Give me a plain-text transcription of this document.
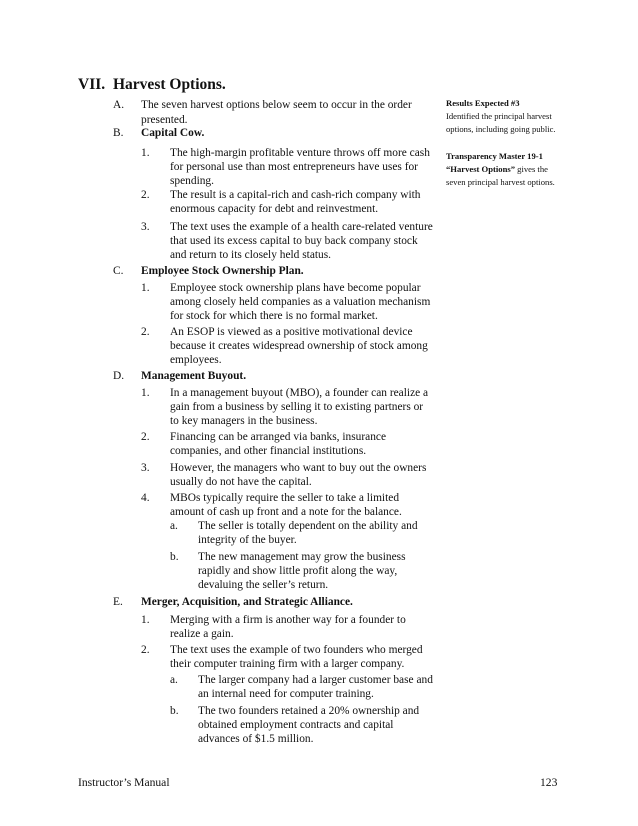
VII. Harvest Options.
A. The seven harvest options below seem to occur in the order
presented.
B. Capital Cow.
1. The high-margin profitable venture throws off more cash
for personal use than most entrepreneurs have uses for
spending.
2. The result is a capital-rich and cash-rich company with
enormous capacity for debt and reinvestment.
3. The text uses the example of a health care-related venture
that used its excess capital to buy back company stock
and return to its closely held status.
C. Employee Stock Ownership Plan.
1. Employee stock ownership plans have become popular
among closely held companies as a valuation mechanism
for stock for which there is no formal market.
2. An ESOP is viewed as a positive motivational device
because it creates widespread ownership of stock among
employees.
D. Management Buyout.
1. In a management buyout (MBO), a founder can realize a
gain from a business by selling it to existing partners or
to key managers in the business.
2. Financing can be arranged via banks, insurance
companies, and other financial institutions.
3. However, the managers who want to buy out the owners
usually do not have the capital.
4. MBOs typically require the seller to take a limited
amount of cash up front and a note for the balance.
a. The seller is totally dependent on the ability and
integrity of the buyer.
b. The new management may grow the business
rapidly and show little profit along the way,
devaluing the seller’s return.
E. Merger, Acquisition, and Strategic Alliance.
1. Merging with a firm is another way for a founder to
realize a gain.
2. The text uses the example of two founders who merged
their computer training firm with a larger company.
a. The larger company had a larger customer base and
an internal need for computer training.
b. The two founders retained a 20% ownership and
obtained employment contracts and capital
advances of $1.5 million.
Results Expected #3
Identified the principal harvest
options, including going public.
Transparency Master 19-1
“Harvest Options” gives the
seven principal harvest options.
Instructor’s Manual	123
